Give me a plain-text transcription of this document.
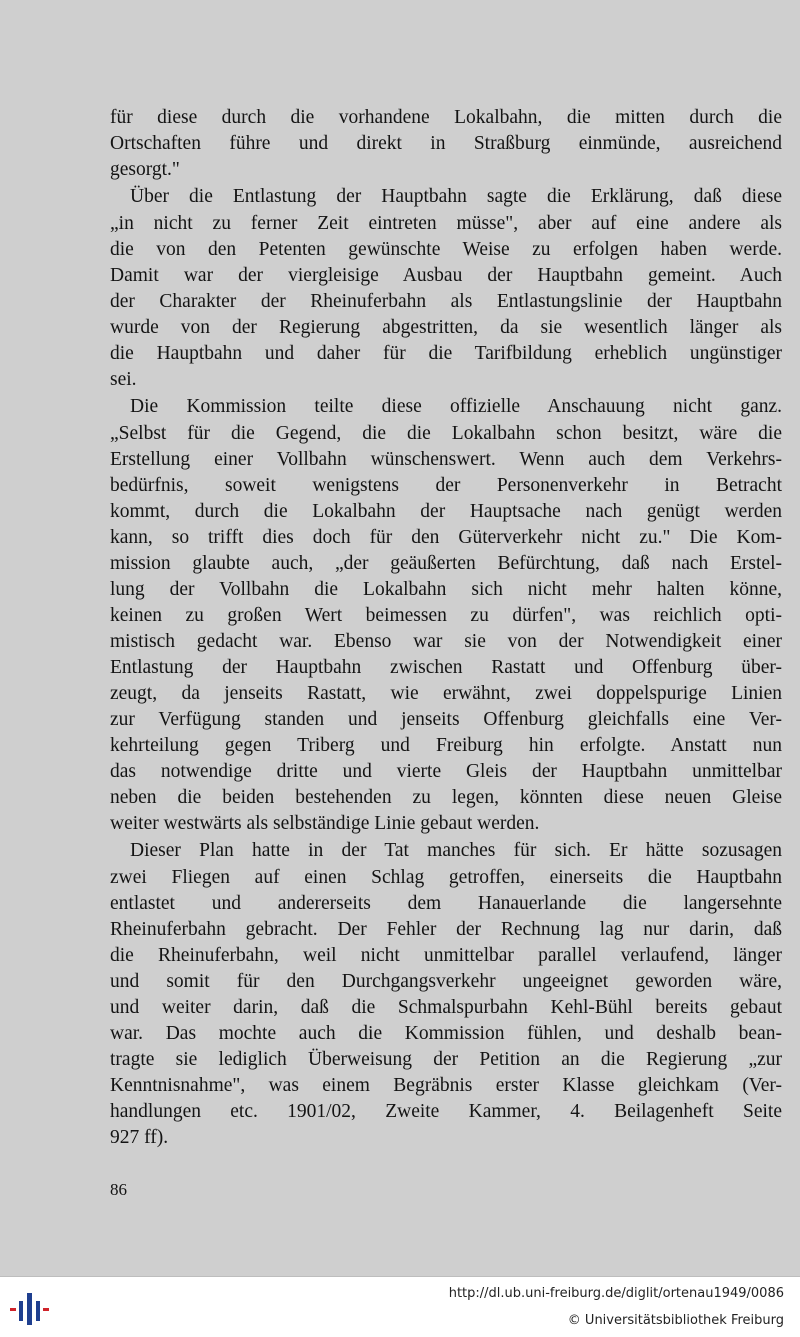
für diese durch die vorhandene Lokalbahn, die mitten durch die
Ortschaften führe und direkt in Straßburg einmünde, ausreichend
gesorgt."
Über die Entlastung der Hauptbahn sagte die Erklärung, daß diese
„in nicht zu ferner Zeit eintreten müsse", aber auf eine andere als
die von den Petenten gewünschte Weise zu erfolgen haben werde.
Damit war der viergleisige Ausbau der Hauptbahn gemeint. Auch
der Charakter der Rheinuferbahn als Entlastungslinie der Hauptbahn
wurde von der Regierung abgestritten, da sie wesentlich länger als
die Hauptbahn und daher für die Tarifbildung erheblich ungünstiger
sei.
Die Kommission teilte diese offizielle Anschauung nicht ganz.
„Selbst für die Gegend, die die Lokalbahn schon besitzt, wäre die
Erstellung einer Vollbahn wünschenswert. Wenn auch dem Verkehrs-
bedürfnis, soweit wenigstens der Personenverkehr in Betracht
kommt, durch die Lokalbahn der Hauptsache nach genügt werden
kann, so trifft dies doch für den Güterverkehr nicht zu." Die Kom-
mission glaubte auch, „der geäußerten Befürchtung, daß nach Erstel-
lung der Vollbahn die Lokalbahn sich nicht mehr halten könne,
keinen zu großen Wert beimessen zu dürfen", was reichlich opti-
mistisch gedacht war. Ebenso war sie von der Notwendigkeit einer
Entlastung der Hauptbahn zwischen Rastatt und Offenburg über-
zeugt, da jenseits Rastatt, wie erwähnt, zwei doppelspurige Linien
zur Verfügung standen und jenseits Offenburg gleichfalls eine Ver-
kehrteilung gegen Triberg und Freiburg hin erfolgte. Anstatt nun
das notwendige dritte und vierte Gleis der Hauptbahn unmittelbar
neben die beiden bestehenden zu legen, könnten diese neuen Gleise
weiter westwärts als selbständige Linie gebaut werden.
Dieser Plan hatte in der Tat manches für sich. Er hätte sozusagen
zwei Fliegen auf einen Schlag getroffen, einerseits die Hauptbahn
entlastet und andererseits dem Hanauerlande die langersehnte
Rheinuferbahn gebracht. Der Fehler der Rechnung lag nur darin, daß
die Rheinuferbahn, weil nicht unmittelbar parallel verlaufend, länger
und somit für den Durchgangsverkehr ungeeignet geworden wäre,
und weiter darin, daß die Schmalspurbahn Kehl-Bühl bereits gebaut
war. Das mochte auch die Kommission fühlen, und deshalb bean-
tragte sie lediglich Überweisung der Petition an die Regierung „zur
Kenntnisnahme", was einem Begräbnis erster Klasse gleichkam (Ver-
handlungen etc. 1901/02, Zweite Kammer, 4. Beilagenheft Seite
927 ff).
86
http://dl.ub.uni-freiburg.de/diglit/ortenau1949/0086
© Universitätsbibliothek Freiburg
